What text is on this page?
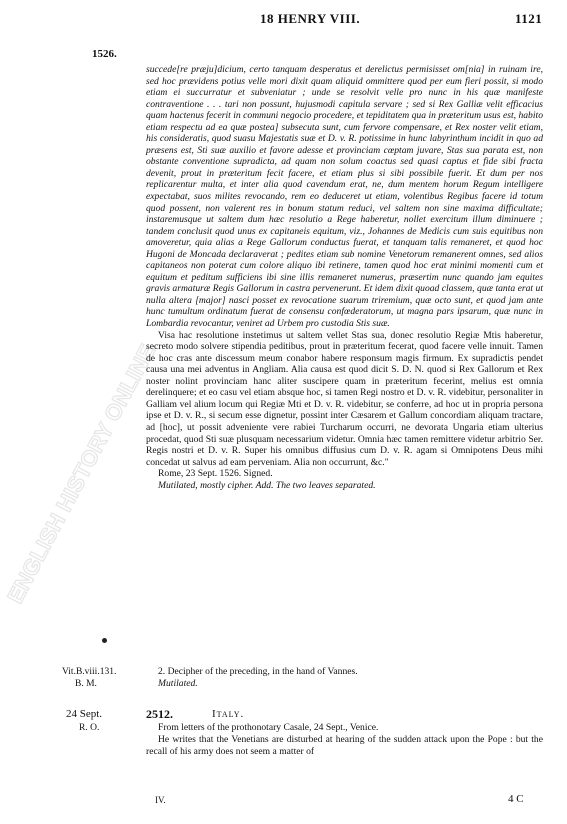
ENGLISH HISTORY ONLINE
18 HENRY VIII.	1121
1526.

succede[re præju]dicium, certo tanquam desperatus et derelictus permisisset om[nia] in ruinam ire, sed hoc prævidens potius velle mori dixit quam aliquid ommittere quod per eum fieri possit, si modo etiam ei succurratur et subveniatur ; unde se resolvit velle pro nunc in his quæ manifeste contraventione . . . tari non possunt, hujusmodi capitula servare ; sed si Rex Galliæ velit efficacius quam hactenus fecerit in communi negocio procedere, et tepiditatem qua in præteritum usus est, habito etiam respectu ad ea quæ postea] subsecuta sunt, cum fervore compensare, et Rex noster velit etiam, his consideratis, quod suasu Majestatis suæ et D. v. R. potissime in hunc labyrinthum incidit in quo ad præsens est, Sti suæ auxilio et favore adesse et provinciam cœptam juvare, Stas sua parata est, non obstante conventione supradicta, ad quam non solum coactus sed quasi captus et fide sibi fracta devenit, prout in præteritum fecit facere, et etiam plus si sibi possibile fuerit. Et dum per nos replicarentur multa, et inter alia quod cavendum erat, ne, dum mentem horum Regum intelligere expectabat, suos milites revocando, rem eo deduceret ut etiam, volentibus Regibus facere id totum quod possent, non valerent res in bonum statum reduci, vel saltem non sine maxima difficultate; instaremusque ut saltem dum hæc resolutio a Rege haberetur, nollet exercitum illum diminuere ; tandem conclusit quod unus ex capitaneis equitum, viz., Johannes de Medicis cum suis equitibus non amoveretur, quia alias a Rege Gallorum conductus fuerat, et tanquam talis remaneret, et quod hoc Hugoni de Moncada declaraverat ; pedites etiam sub nomine Venetorum remanerent omnes, sed alios capitaneos non poterat cum colore aliquo ibi retinere, tamen quod hoc erat minimi momenti cum et equitum et peditum sufficiens ibi sine illis remaneret numerus, præsertim nunc quando jam equites gravis armaturæ Regis Gallorum in castra pervenerunt. Et idem dixit quoad classem, quæ tanta erat ut nulla altera [major] nasci posset ex revocatione suarum triremium, quæ octo sunt, et quod jam ante hunc tumultum ordinatum fuerat de consensu confœderatorum, ut magna pars ipsarum, quæ nunc in Lombardia revocantur, veniret ad Urbem pro custodia Stis suæ.

Visa hac resolutione instetimus ut saltem vellet Stas sua, donec resolutio Regiæ Mtis haberetur, secreto modo solvere stipendia peditibus, prout in præteritum fecerat, quod facere velle innuit. Tamen de hoc cras ante discessum meum conabor habere responsum magis firmum. Ex supradictis pendet causa una mei adventus in Angliam. Alia causa est quod dicit S. D. N. quod si Rex Gallorum et Rex noster nolint provinciam hanc aliter suscipere quam in præteritum fecerint, melius est omnia derelinquere; et eo casu vel etiam absque hoc, si tamen Regi nostro et D. v. R. videbitur, personaliter in Galliam vel alium locum qui Regiæ Mti et D. v. R. videbitur, se conferre, ad hoc ut in propria persona ipse et D. v. R., si secum esse dignetur, possint inter Cæsarem et Gallum concordiam aliquam tractare, ad [hoc], ut possit adveniente vere rabiei Turcharum occurri, ne devorata Ungaria etiam ulterius procedat, quod Sti suæ plusquam necessarium videtur. Omnia hæc tamen remittere videtur arbitrio Ser. Regis nostri et D. v. R. Super his omnibus diffusius cum D. v. R. agam si Omnipotens Deus mihi concedat ut salvus ad eam perveniam. Alia non occurrunt, &c."

Rome, 23 Sept. 1526. Signed.

Mutilated, mostly cipher. Add. The two leaves separated.

Vit.B.viii.131.
B. M.
2. Decipher of the preceding, in the hand of Vannes.
Mutilated.
24 Sept.
R. O.
2512.	Italy.
From letters of the prothonotary Casale, 24 Sept., Venice.
He writes that the Venetians are disturbed at hearing of the sudden attack upon the Pope : but the recall of his army does not seem a matter of
IV.	4 C
